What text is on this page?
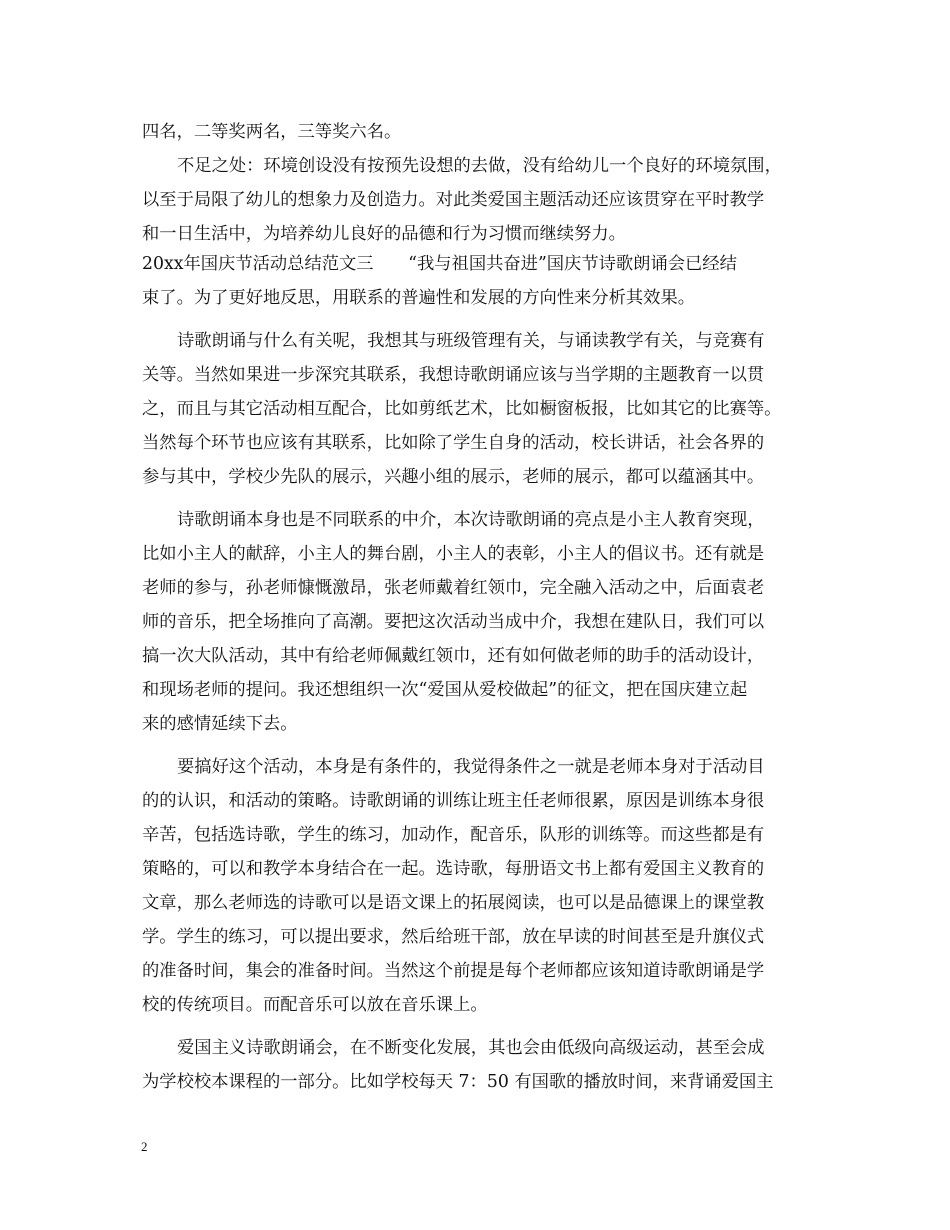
四名，二等奖两名，三等奖六名。
不足之处：环境创设没有按预先设想的去做，没有给幼儿一个良好的环境氛围，
以至于局限了幼儿的想象力及创造力。对此类爱国主题活动还应该贯穿在平时教学
和一日生活中，为培养幼儿良好的品德和行为习惯而继续努力。
20xx年国庆节活动总结范文三　　“我与祖国共奋进”国庆节诗歌朗诵会已经结
束了。为了更好地反思，用联系的普遍性和发展的方向性来分析其效果。
诗歌朗诵与什么有关呢，我想其与班级管理有关，与诵读教学有关，与竞赛有
关等。当然如果进一步深究其联系，我想诗歌朗诵应该与当学期的主题教育一以贯
之，而且与其它活动相互配合，比如剪纸艺术，比如橱窗板报，比如其它的比赛等。
当然每个环节也应该有其联系，比如除了学生自身的活动，校长讲话，社会各界的
参与其中，学校少先队的展示，兴趣小组的展示，老师的展示，都可以蕴涵其中。
诗歌朗诵本身也是不同联系的中介，本次诗歌朗诵的亮点是小主人教育突现，
比如小主人的献辞，小主人的舞台剧，小主人的表彰，小主人的倡议书。还有就是
老师的参与，孙老师慷慨激昂，张老师戴着红领巾，完全融入活动之中，后面袁老
师的音乐，把全场推向了高潮。要把这次活动当成中介，我想在建队日，我们可以
搞一次大队活动，其中有给老师佩戴红领巾，还有如何做老师的助手的活动设计，
和现场老师的提问。我还想组织一次“爱国从爱校做起”的征文，把在国庆建立起
来的感情延续下去。
要搞好这个活动，本身是有条件的，我觉得条件之一就是老师本身对于活动目
的的认识，和活动的策略。诗歌朗诵的训练让班主任老师很累，原因是训练本身很
辛苦，包括选诗歌，学生的练习，加动作，配音乐，队形的训练等。而这些都是有
策略的，可以和教学本身结合在一起。选诗歌，每册语文书上都有爱国主义教育的
文章，那么老师选的诗歌可以是语文课上的拓展阅读，也可以是品德课上的课堂教
学。学生的练习，可以提出要求，然后给班干部，放在早读的时间甚至是升旗仪式
的准备时间，集会的准备时间。当然这个前提是每个老师都应该知道诗歌朗诵是学
校的传统项目。而配音乐可以放在音乐课上。
爱国主义诗歌朗诵会，在不断变化发展，其也会由低级向高级运动，甚至会成
为学校校本课程的一部分。比如学校每天 7：50 有国歌的播放时间，来背诵爱国主
2
